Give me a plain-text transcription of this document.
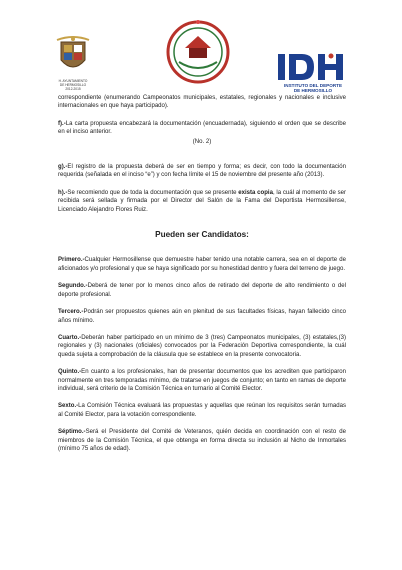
H. AYUNTAMIENTO
DE HERMOSILLO
2012-2015
INSTITUTO DEL DEPORTE
DE HERMOSILLO

correspondiente (enumerando Campeonatos municipales, estatales, regionales y nacionales e inclusive internacionales en que haya participado).

f).-La carta propuesta encabezará la documentación (encuadernada), siguiendo el orden que se describe en el inciso anterior.

(No. 2)

g).-El registro de la propuesta deberá de ser en tiempo y forma; es decir, con todo la documentación requerida (señalada en el inciso “e”) y con fecha límite el 15 de noviembre del presente año (2013).

h).-Se recomiendo que de toda la documentación que se presente exista copia, la cuál al momento de ser recibida será sellada y firmada por el Director del Salón de la Fama del Deportista Hermosillense, Licenciado Alejandro Flores Ruiz.

Pueden ser Candidatos:

Primero.-Cualquier Hermosillense que demuestre haber tenido una notable carrera, sea en el deporte de aficionados y/o profesional y que se haya significado por su honestidad dentro y fuera del terreno de juego.

Segundo.-Deberá de tener por lo menos cinco años de retirado del deporte de alto rendimiento o del deporte profesional.

Tercero.-Podrán ser propuestos quienes aún en plenitud de sus facultades físicas, hayan fallecido cinco años mínimo.

Cuarto.-Deberán haber participado en un mínimo de 3 (tres) Campeonatos municipales, (3) estatales,(3) regionales y (3) nacionales (oficiales) convocados por la Federación Deportiva correspondiente, la cuál queda sujeta a comprobación de la cláusula que se establece en la presente convocatoria.

Quinto.-En cuanto a los profesionales, han de presentar documentos que los acrediten que participaron normalmente en tres temporadas mínimo, de tratarse en juegos de conjunto; en tanto en ramas de deporte individual, será criterio de la Comisión Técnica en turnario al Comité Elector.

Sexto.-La Comisión Técnica evaluará las propuestas y aquellas que reúnan los requisitos serán turnadas al Comité Elector, para la votación correspondiente.

Séptimo.-Será el Presidente del Comité de Veteranos, quién decida en coordinación con el resto de miembros de la Comisión Técnica, el que obtenga en forma directa su inclusión al Nicho de Inmortales (mínimo 75 años de edad).
